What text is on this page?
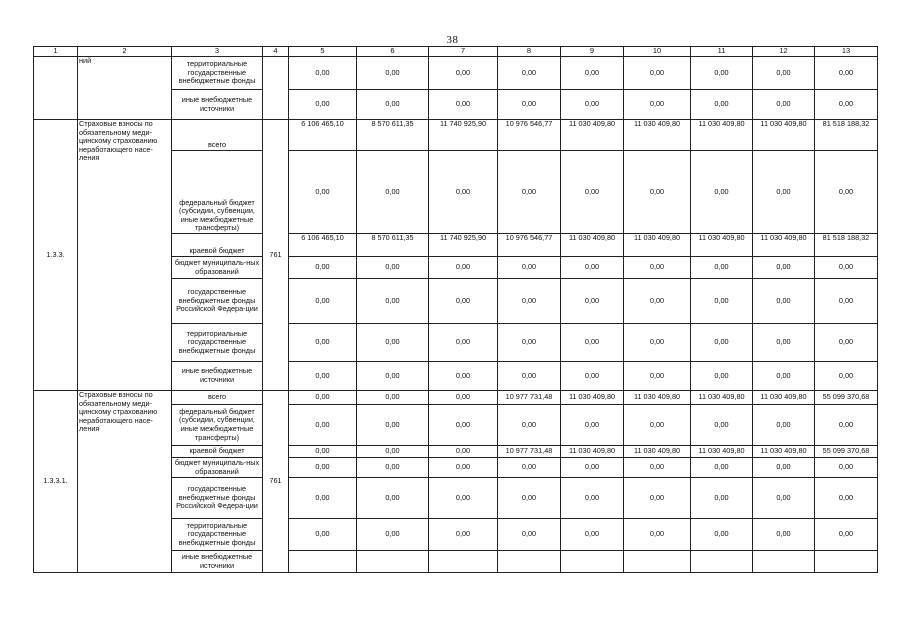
38
1	2	3	4	5	6	7	8	9	10	11	12	13
	ний	территориальные государственные внебюджетные фонды		0,00	0,00	0,00	0,00	0,00	0,00	0,00	0,00	0,00
		иные внебюджетные источники		0,00	0,00	0,00	0,00	0,00	0,00	0,00	0,00	0,00
1.3.3.	Страховые взносы по обязательному меди-цинскому страхованию неработающего насе-ления	всего	761	6 106 465,10	8 570 611,35	11 740 925,90	10 976 546,77	11 030 409,80	11 030 409,80	11 030 409,80	11 030 409,80	81 518 188,32
		федеральный бюджет (субсидии, субвенции, иные межбюджетные трансферты)		0,00	0,00	0,00	0,00	0,00	0,00	0,00	0,00	0,00
		краевой бюджет		6 106 465,10	8 570 611,35	11 740 925,90	10 976 546,77	11 030 409,80	11 030 409,80	11 030 409,80	11 030 409,80	81 518 188,32
		бюджет муниципаль-ных образований		0,00	0,00	0,00	0,00	0,00	0,00	0,00	0,00	0,00
		государственные внебюджетные фонды Российской Федера-ции		0,00	0,00	0,00	0,00	0,00	0,00	0,00	0,00	0,00
		территориальные государственные внебюджетные фонды		0,00	0,00	0,00	0,00	0,00	0,00	0,00	0,00	0,00
		иные внебюджетные источники		0,00	0,00	0,00	0,00	0,00	0,00	0,00	0,00	0,00
1.3.3.1.	Страховые взносы по обязательному меди-цинскому страхованию неработающего насе-ления	всего	761	0,00	0,00	0,00	10 977 731,48	11 030 409,80	11 030 409,80	11 030 409,80	11 030 409,80	55 099 370,68
		федеральный бюджет (субсидии, субвенции, иные межбюджетные трансферты)		0,00	0,00	0,00	0,00	0,00	0,00	0,00	0,00	0,00
		краевой бюджет		0,00	0,00	0,00	10 977 731,48	11 030 409,80	11 030 409,80	11 030 409,80	11 030 409,80	55 099 370,68
		бюджет муниципаль-ных образований		0,00	0,00	0,00	0,00	0,00	0,00	0,00	0,00	0,00
		государственные внебюджетные фонды Российской Федера-ции		0,00	0,00	0,00	0,00	0,00	0,00	0,00	0,00	0,00
		территориальные государственные внебюджетные фонды		0,00	0,00	0,00	0,00	0,00	0,00	0,00	0,00	0,00
		иные внебюджетные источники										
